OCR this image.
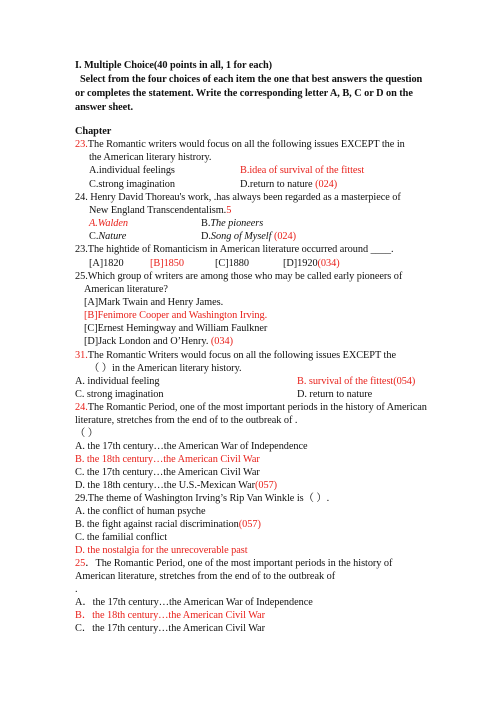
I. Multiple Choice(40 points in all, 1 for each)
Select from the four choices of each item the one that best answers the question
or completes the statement. Write the corresponding letter A, B, C or D on the
answer sheet.
Chapter
23.The Romantic writers would focus on all the following issues EXCEPT the in
the American literary histrory.
A.individual feelings	B.idea of survival of the fittest
C.strong imagination	D.return to nature (024)
24. Henry David Thoreau's work, .has always been regarded as a masterpiece of
New England Transcendentalism.5
A.Walden	B.The pioneers
C.Nature	D.Song of Myself (024)
23.The hightide of Romanticism in American literature occurred around ____.
[A]1820	[B]1850	[C]1880	[D]1920(034)
25.Which group of writers are among those who may be called early pioneers of
American literature?
[A]Mark Twain and Henry James.
[B]Fenimore Cooper and Washington Irving.
[C]Ernest Hemingway and William Faulkner
[D]Jack London and O’Henry. (034)
31.The Romantic Writers would focus on all the following issues EXCEPT the
（ ）in the American literary history.
A. individual feeling	B. survival of the fittest(054)
C. strong imagination	D. return to nature
24.The Romantic Period, one of the most important periods in the history of American
literature, stretches from the end of to the outbreak of .
（ ）
A. the 17th century…the American War of Independence
B. the 18th century…the American Civil War
C. the 17th century…the American Civil War
D. the 18th century…the U.S.-Mexican War(057)
29.The theme of Washington Irving’s Rip Van Winkle is（ ）.
A. the conflict of human psyche
B. the fight against racial discrimination(057)
C. the familial conflict
D. the nostalgia for the unrecoverable past
25．The Romantic Period, one of the most important periods in the history of
American literature, stretches from the end of to the outbreak of
.
A．the 17th century…the American War of Independence
B．the 18th century…the American Civil War
C．the 17th century…the American Civil War
